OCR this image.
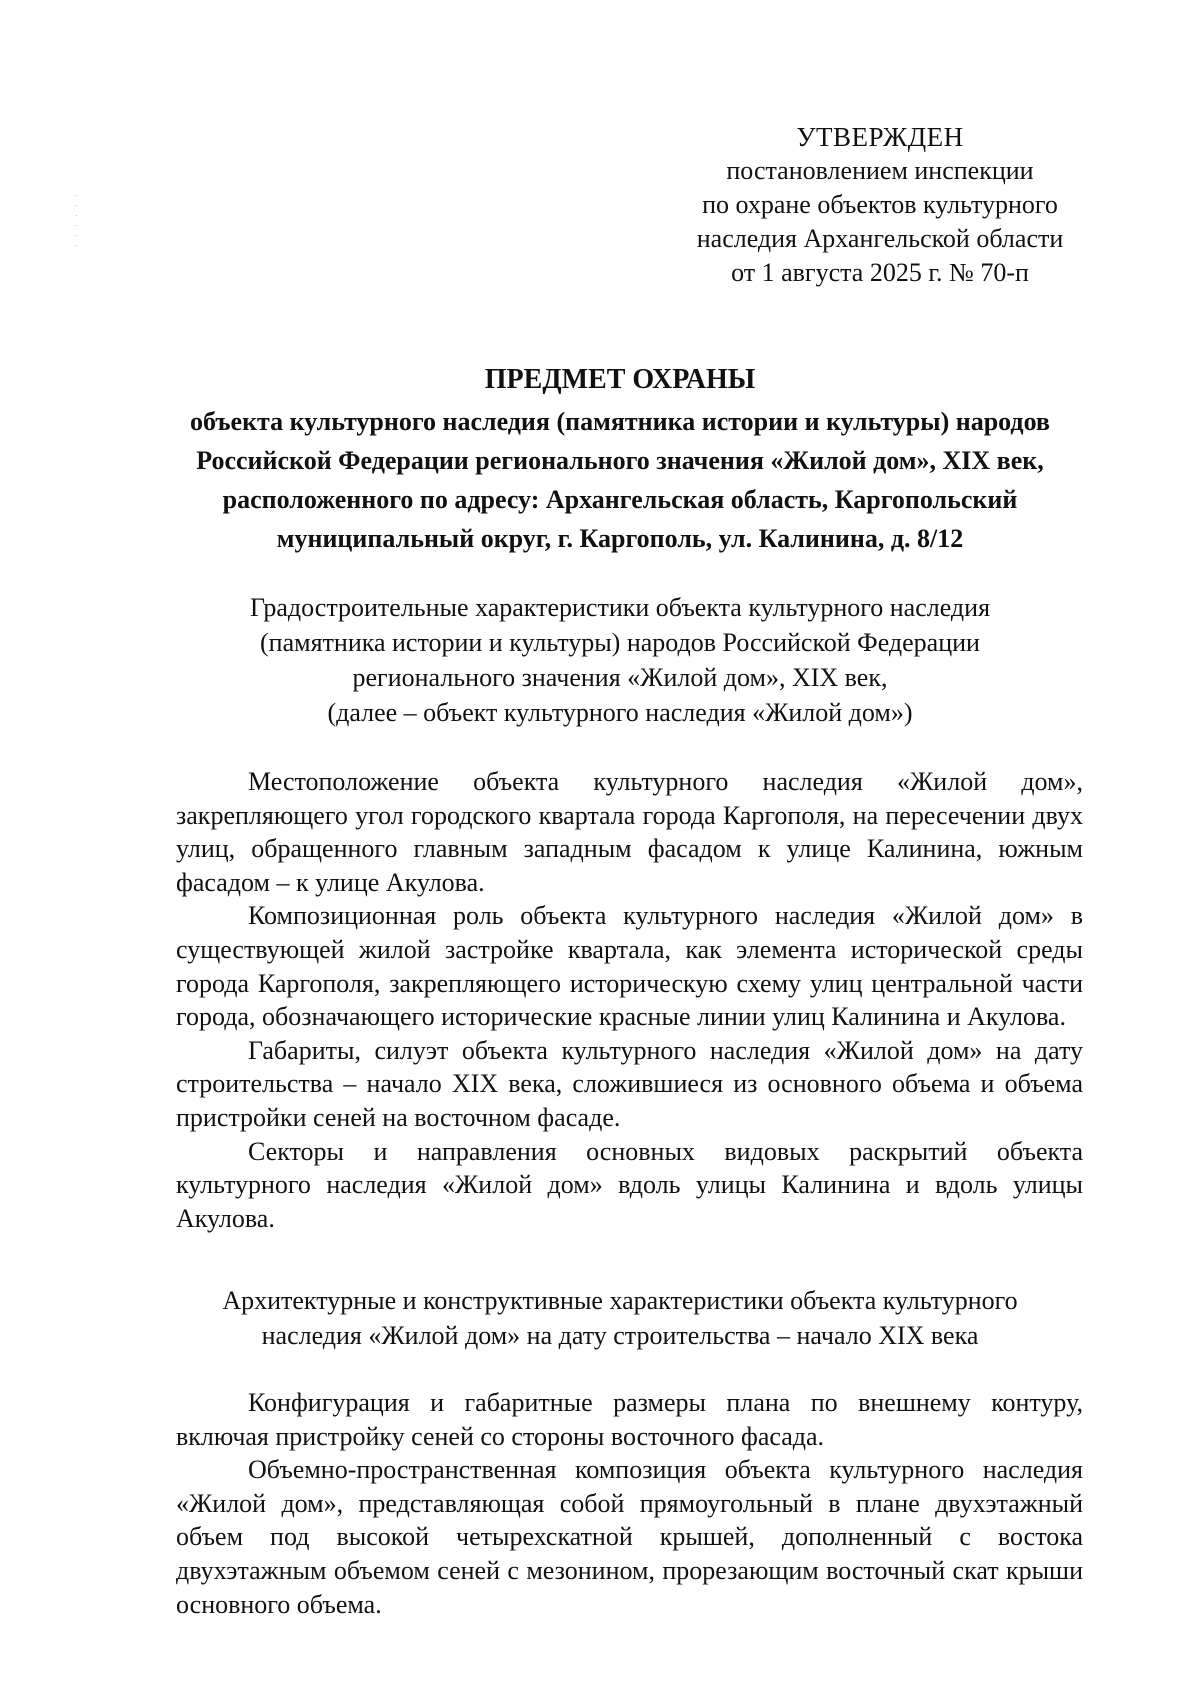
УТВЕРЖДЕН
постановлением инспекции
по охране объектов культурного
наследия Архангельской области
от 1 августа 2025 г. № 70-п
ПРЕДМЕТ ОХРАНЫ
объекта культурного наследия (памятника истории и культуры) народов
Российской Федерации регионального значения «Жилой дом», XIX век,
расположенного по адресу: Архангельская область, Каргопольский
муниципальный округ, г. Каргополь, ул. Калинина, д. 8/12
Градостроительные характеристики объекта культурного наследия
(памятника истории и культуры) народов Российской Федерации
регионального значения «Жилой дом», XIX век,
(далее – объект культурного наследия «Жилой дом»)

Местоположение объекта культурного наследия «Жилой дом», закрепляющего угол городского квартала города Каргополя, на пересечении двух улиц, обращенного главным западным фасадом к улице Калинина, южным фасадом – к улице Акулова.

Композиционная роль объекта культурного наследия «Жилой дом» в существующей жилой застройке квартала, как элемента исторической среды города Каргополя, закрепляющего историческую схему улиц центральной части города, обозначающего исторические красные линии улиц Калинина и Акулова.

Габариты, силуэт объекта культурного наследия «Жилой дом» на дату строительства – начало XIX века, сложившиеся из основного объема и объема пристройки сеней на восточном фасаде.

Секторы и направления основных видовых раскрытий объекта культурного наследия «Жилой дом» вдоль улицы Калинина и вдоль улицы Акулова.

Архитектурные и конструктивные характеристики объекта культурного
наследия «Жилой дом» на дату строительства – начало XIX века

Конфигурация и габаритные размеры плана по внешнему контуру, включая пристройку сеней со стороны восточного фасада.

Объемно-пространственная композиция объекта культурного наследия «Жилой дом», представляющая собой прямоугольный в плане двухэтажный объем под высокой четырехскатной крышей, дополненный с востока двухэтажным объемом сеней с мезонином, прорезающим восточный скат крыши основного объема.
